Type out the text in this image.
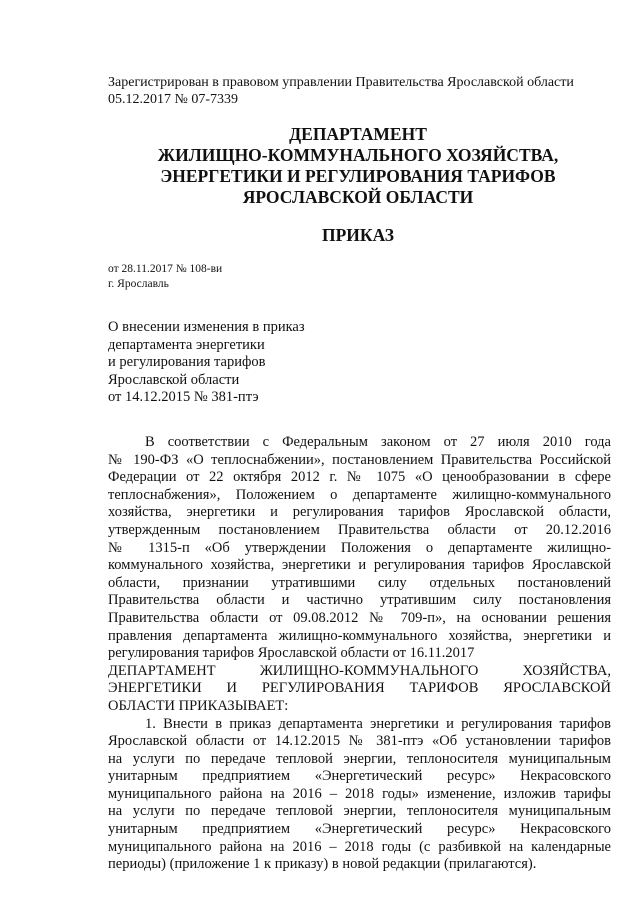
Зарегистрирован в правовом управлении Правительства Ярославской области
05.12.2017 № 07-7339
ДЕПАРТАМЕНТ
ЖИЛИЩНО-КОММУНАЛЬНОГО ХОЗЯЙСТВА,
ЭНЕРГЕТИКИ И РЕГУЛИРОВАНИЯ ТАРИФОВ
ЯРОСЛАВСКОЙ ОБЛАСТИ
ПРИКАЗ
от 28.11.2017 № 108-ви
г. Ярославль
О внесении изменения в приказ
департамента энергетики
и регулирования тарифов
Ярославской области
от 14.12.2015 № 381-птэ
В соответствии с Федеральным законом от 27 июля 2010 года
№ 190-ФЗ «О теплоснабжении», постановлением Правительства Российской
Федерации от 22 октября 2012 г. № 1075 «О ценообразовании в сфере
теплоснабжения», Положением о департаменте жилищно-коммунального
хозяйства, энергетики и регулирования тарифов Ярославской области,
утвержденным постановлением Правительства области от 20.12.2016
№ 1315-п «Об утверждении Положения о департаменте жилищно-
коммунального хозяйства, энергетики и регулирования тарифов Ярославской
области, признании утратившими силу отдельных постановлений
Правительства области и частично утратившим силу постановления
Правительства области от 09.08.2012 № 709-п», на основании решения
правления департамента жилищно-коммунального хозяйства, энергетики и
регулирования тарифов Ярославской области от 16.11.2017
ДЕПАРТАМЕНТ ЖИЛИЩНО-КОММУНАЛЬНОГО ХОЗЯЙСТВА,
ЭНЕРГЕТИКИ И РЕГУЛИРОВАНИЯ ТАРИФОВ ЯРОСЛАВСКОЙ
ОБЛАСТИ ПРИКАЗЫВАЕТ:
1. Внести в приказ департамента энергетики и регулирования тарифов
Ярославской области от 14.12.2015 № 381-птэ «Об установлении тарифов
на услуги по передаче тепловой энергии, теплоносителя муниципальным
унитарным предприятием «Энергетический ресурс» Некрасовского
муниципального района на 2016 – 2018 годы» изменение, изложив тарифы
на услуги по передаче тепловой энергии, теплоносителя муниципальным
унитарным предприятием «Энергетический ресурс» Некрасовского
муниципального района на 2016 – 2018 годы (с разбивкой на календарные
периоды) (приложение 1 к приказу) в новой редакции (прилагаются).
